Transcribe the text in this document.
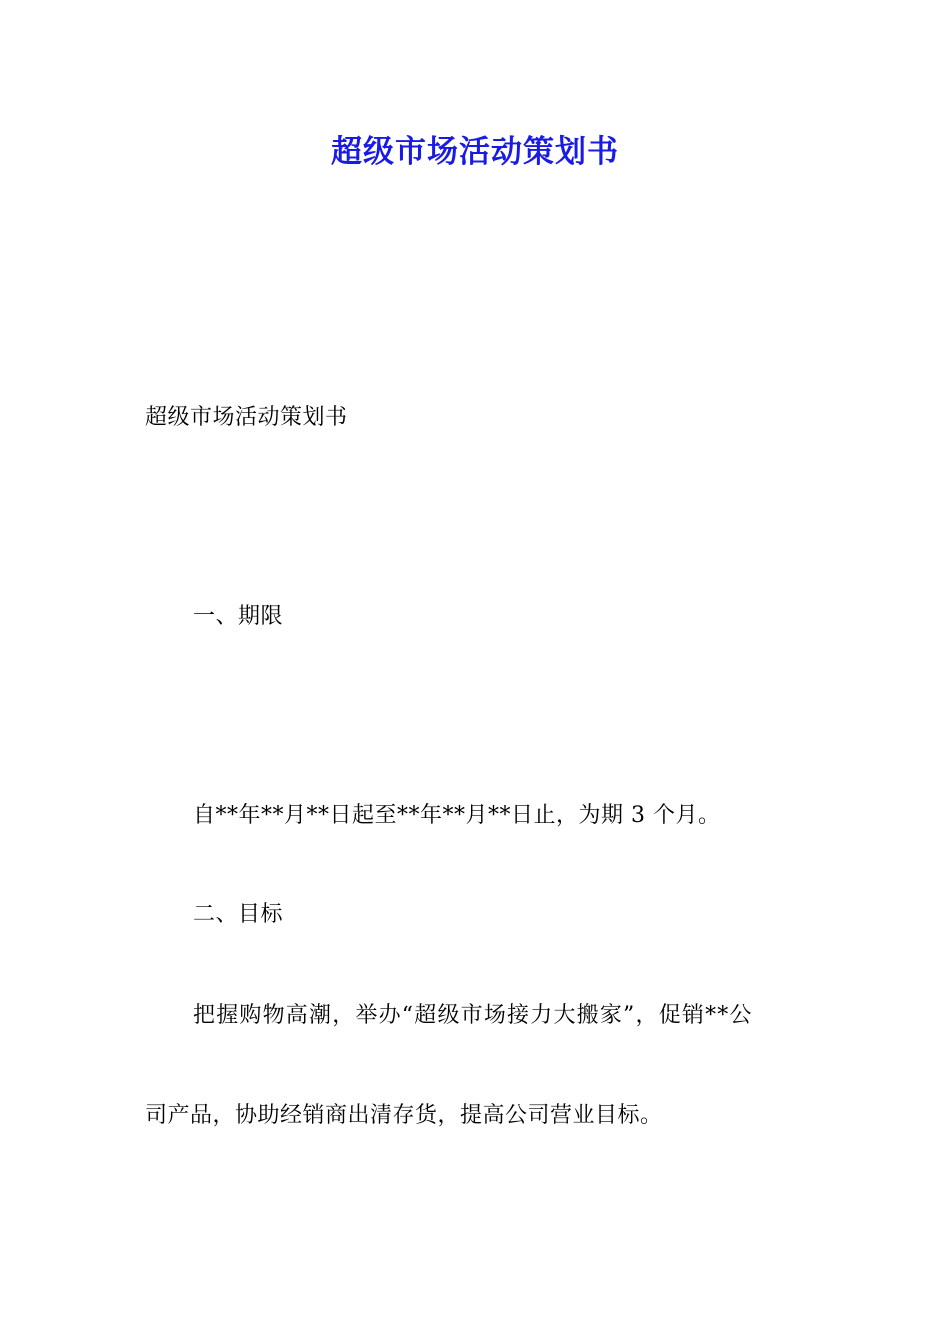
超级市场活动策划书
超级市场活动策划书
一、期限
自**年**月**日起至**年**月**日止，为期 3 个月。
二、目标
把握购物高潮，举办“超级市场接力大搬家”，促销**公
司产品，协助经销商出清存货，提高公司营业目标。
